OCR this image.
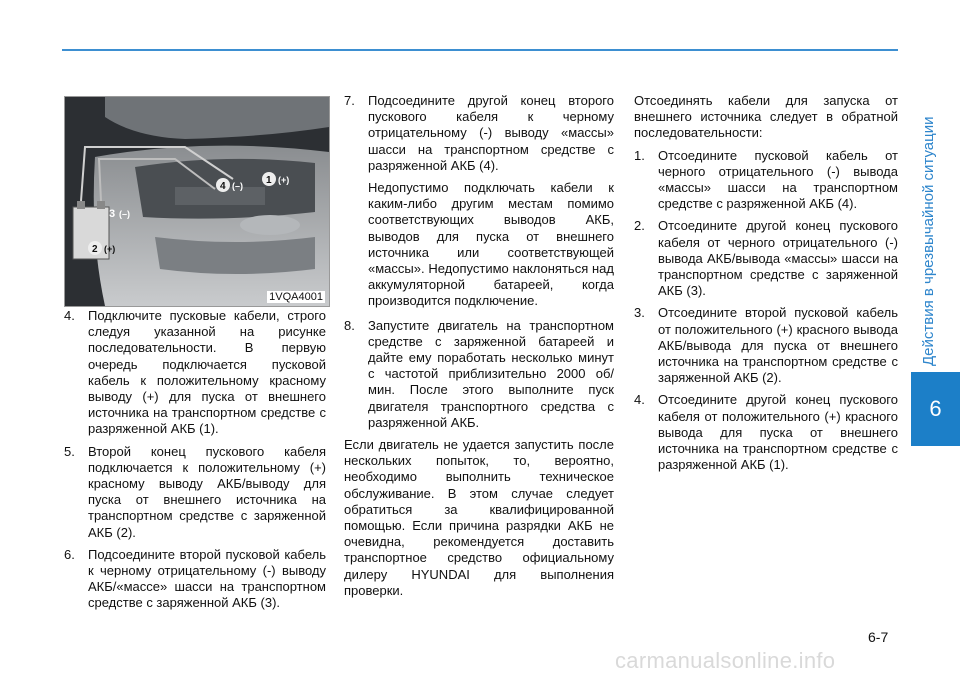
Действия в чрезвычайной ситуации
6
1 (+)
2 (+)
3 (–)
4 (–)
1VQA4001
4. Подключите пусковые кабели, строго следуя указанной на рисунке последовательности. В первую очередь подключается пусковой кабель к положительному красному выводу (+) для пуска от внешнего источника на транспортном средстве с разряженной АКБ (1).
5. Второй конец пускового кабеля подключается к положительному (+) красному выводу АКБ/выводу для пуска от внешнего источника на транспортном средстве с заряженной АКБ (2).
6. Подсоедините второй пусковой кабель к черному отрицательному (-) выводу АКБ/«массе» шасси на транспортном средстве с заряженной АКБ (3).
7. Подсоедините другой конец второго пускового кабеля к черному отрицательному (-) выводу «массы» шасси на транспортном средстве с разряженной АКБ (4).

Недопустимо подключать кабели к каким-либо другим местам помимо соответствующих выводов АКБ, выводов для пуска от внешнего источника или соответствующей «массы». Недопустимо наклоняться над аккумуляторной батареей, когда производится подключение.

8. Запустите двигатель на транспортном средстве с заряженной батареей и дайте ему поработать несколько минут с частотой приблизительно 2000 об/мин. После этого выполните пуск двигателя транспортного средства с разряженной АКБ.

Если двигатель не удается запустить после нескольких попыток, то, вероятно, необходимо выполнить техническое обслуживание. В этом случае следует обратиться за квалифицированной помощью. Если причина разрядки АКБ не очевидна, рекомендуется доставить транспортное средство официальному дилеру HYUNDAI для выполнения проверки.

Отсоединять кабели для запуска от внешнего источника следует в обратной последовательности:

1. Отсоедините пусковой кабель от черного отрицательного (-) вывода «массы» шасси на транспортном средстве с разряженной АКБ (4).
2. Отсоедините другой конец пускового кабеля от черного отрицательного (-) вывода АКБ/вывода «массы» шасси на транспортном средстве с заряженной АКБ (3).
3. Отсоедините второй пусковой кабель от положительного (+) красного вывода АКБ/вывода для пуска от внешнего источника на транспортном средстве с заряженной АКБ (2).
4. Отсоедините другой конец пускового кабеля от положительного (+) красного вывода для пуска от внешнего источника на транспортном средстве с разряженной АКБ (1).
6-7
carmanualsonline.info
